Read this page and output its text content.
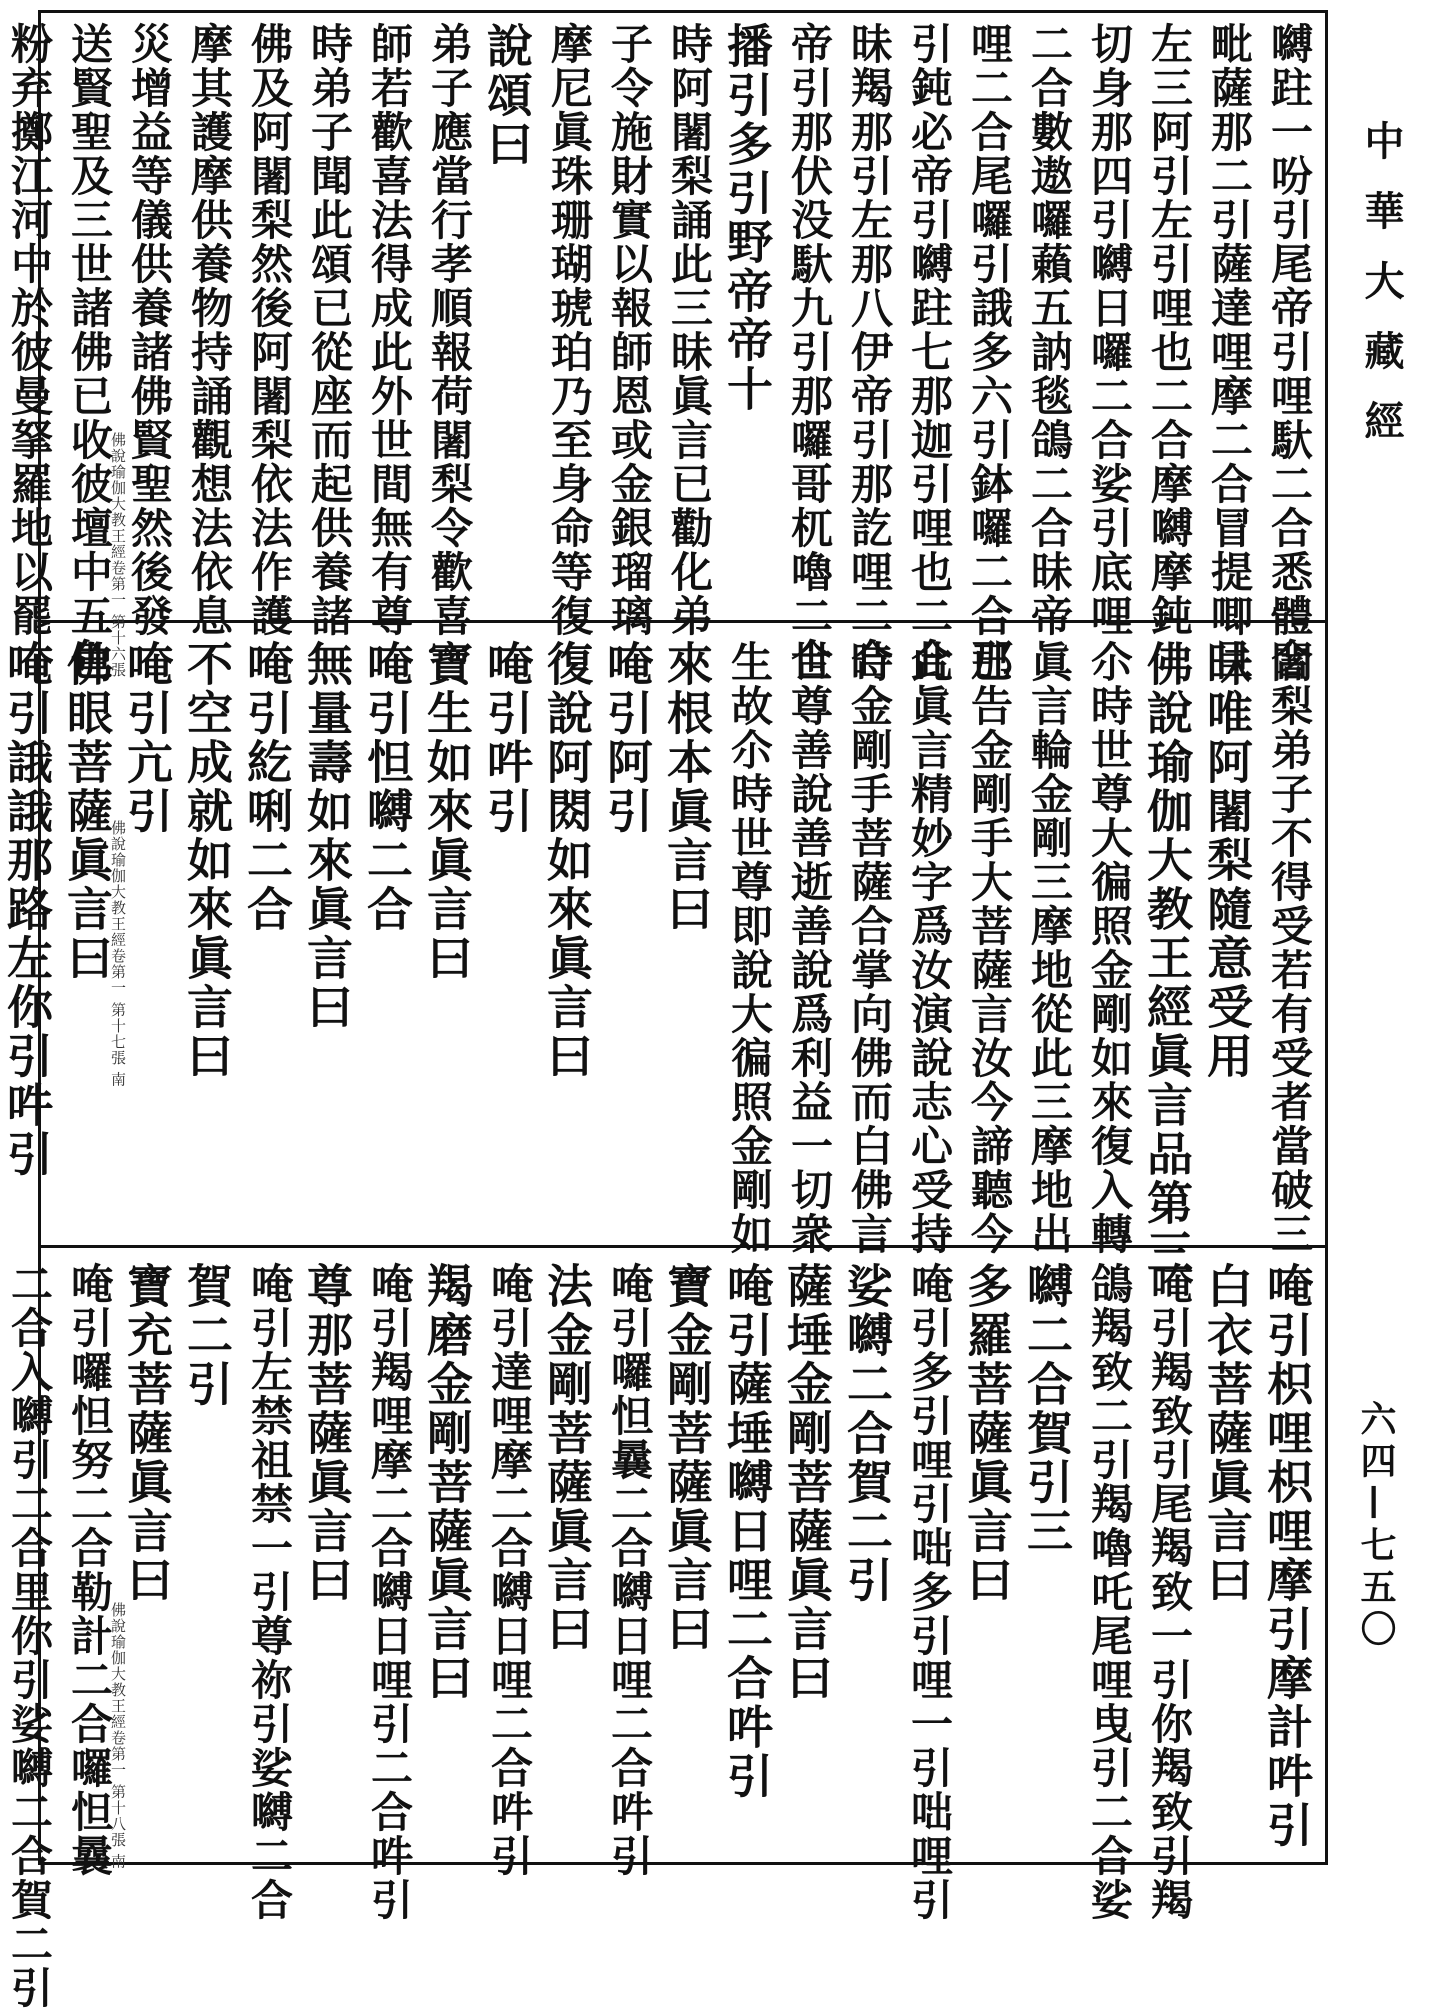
中華大藏經
六四—七五〇
嚩跓一吩引尾帝引哩馱二合悉體合
毗薩那二引薩達哩摩二合冒提唧旦
左三阿引左引哩也二合摩嚩摩鈍
切身那四引嚩日囉二合娑引底哩
二合數遨囉藾五訥毯鴿二合昧帝
哩二合尾囉引誐多六引鉢囉二合那
引鈍必帝引嚩跓七那迦引哩也二合
昧羯那引左那八伊帝引那訖哩二合
帝引那伏没馱九引那囉哥杌嚕二合
播引多引野帝帝十
時阿闍梨誦此三昧眞言已勸化弟
子令施財實以報師恩或金銀瑠璃
摩尼眞珠珊瑚琥珀乃至身命等復
說頌曰
弟子應當行孝順報荷闍梨令歡喜
師若歡喜法得成此外世間無有尊
時弟子聞此頌已從座而起供養諸
佛及阿闍梨然後阿闍梨依法作護
摩其護摩供養物持誦觀想法依息
災增益等儀供養諸佛賢聖然後發
送賢聖及三世諸佛已收彼壇中五色
粉弃擲江河中於彼曼拏羅地以罷	佛說瑜伽大教王經卷第一 第十六張
闍梨弟子不得受若有受者當破三
昧唯阿闍梨隨意受用
佛說瑜伽大教王經眞言品第三
尒時世尊大徧照金剛如來復入轉
眞言輪金剛三摩地從此三摩地出
已告金剛手大菩薩言汝今諦聽今
此眞言精妙字爲汝演說志心受持
時金剛手菩薩合掌向佛而白佛言
世尊善說善逝善說爲利益一切衆
生故尒時世尊即說大徧照金剛如
來根本眞言曰
唵引阿引
復說阿閦如來眞言曰
唵引吽引
寶生如來眞言曰
唵引怛嚩二合
無量壽如來眞言曰
唵引紇唎二合
不空成就如來眞言曰
唵引亢引
佛眼菩薩眞言曰
唵引誐誐那路左你引吽引	佛說瑜伽大教王經卷第一 第十七張 南
唵引枳哩枳哩摩引摩計吽引
白衣菩薩眞言曰
唵引羯致引尾羯致一引你羯致引羯
鴿羯致二引羯嚕吒尾哩曳引二合娑
嚩二合賀引三
多羅菩薩眞言曰
唵引多引哩引咄多引哩一引咄哩引
娑嚩二合賀二引
薩埵金剛菩薩眞言曰
唵引薩埵嚩日哩二合吽引
寶金剛菩薩眞言曰
唵引囉怛曩二合嚩日哩二合吽引
法金剛菩薩眞言曰
唵引達哩摩二合嚩日哩二合吽引
羯磨金剛菩薩眞言曰
唵引羯哩摩二合嚩日哩引二合吽引
尊那菩薩眞言曰
唵引左禁祖禁一引尊祢引娑嚩二合
賀二引
寶充菩薩眞言曰
唵引囉怛努二合勒計二合囉怛曩
二合入嚩引二合里你引娑嚩二合賀二引	佛說瑜伽大教王經卷第一 第十八張 南
